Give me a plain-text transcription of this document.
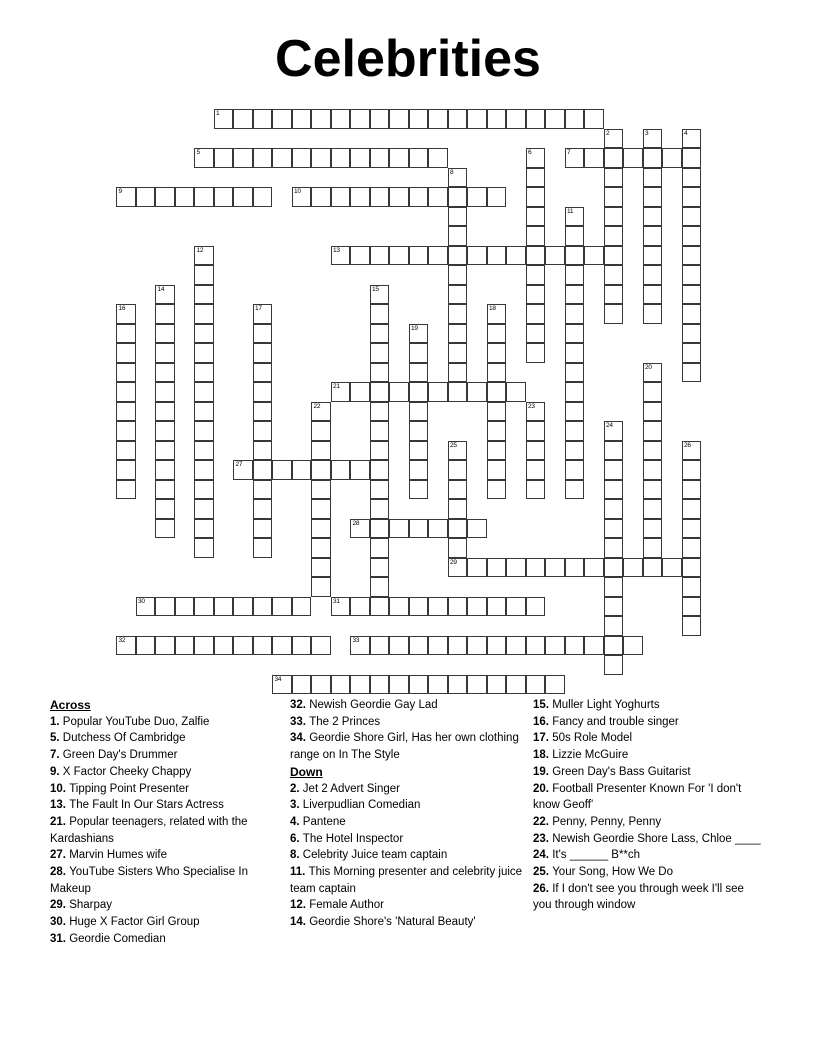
Celebrities
1
5	7
9	10
13
21
27
28
29
30	31
32	33
34
2	3	4
6
8
11
12
14	15
16	17	18
19
20
22	23
24
25	26
Across
1. Popular YouTube Duo, Zalfie
5. Dutchess Of Cambridge
7. Green Day's Drummer
9. X Factor Cheeky Chappy
10. Tipping Point Presenter
13. The Fault In Our Stars Actress
21. Popular teenagers, related with the Kardashians
27. Marvin Humes wife
28. YouTube Sisters Who Specialise In Makeup
29. Sharpay
30. Huge X Factor Girl Group
31. Geordie Comedian
32. Newish Geordie Gay Lad
33. The 2 Princes
34. Geordie Shore Girl, Has her own clothing range on In The Style
Down
2. Jet 2 Advert Singer
3. Liverpudlian Comedian
4. Pantene
6. The Hotel Inspector
8. Celebrity Juice team captain
11. This Morning presenter and celebrity juice team captain
12. Female Author
14. Geordie Shore's 'Natural Beauty'
15. Muller Light Yoghurts
16. Fancy and trouble singer
17. 50s Role Model
18. Lizzie McGuire
19. Green Day's Bass Guitarist
20. Football Presenter Known For 'I don't know Geoff'
22. Penny, Penny, Penny
23. Newish Geordie Shore Lass, Chloe ____
24. It's ______ B**ch
25. Your Song, How We Do
26. If I don't see you through week I'll see you through window
